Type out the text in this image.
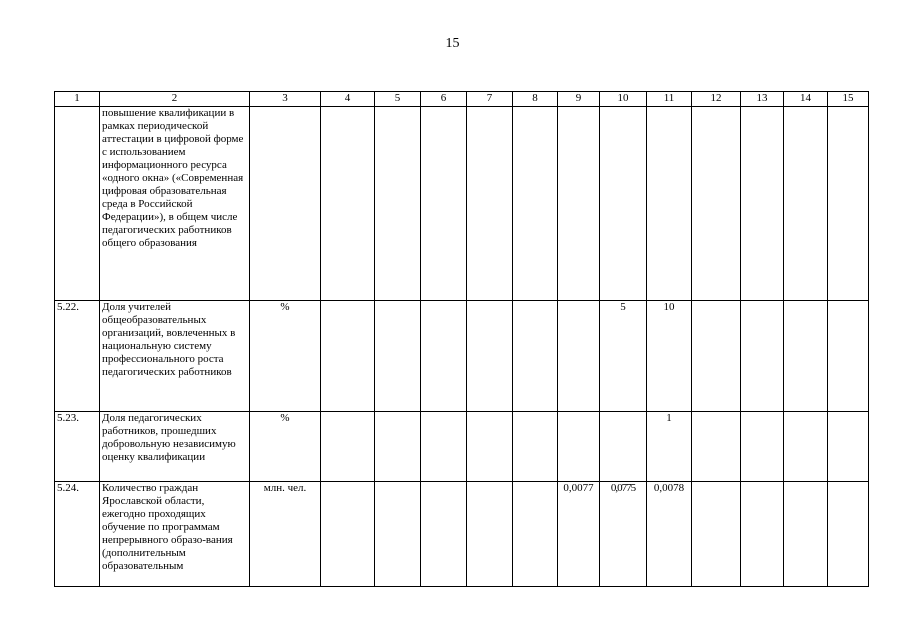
15
1	2	3	4	5	6	7	8	9	10	11	12	13	14	15
	повышение квалификации в рамках периодической аттестации в цифровой форме с использованием информационного ресурса «одного окна» («Современная цифровая образовательная среда в Российской Федерации»), в общем числе педагогических работников общего образования													
5.22.	Доля учителей общеобразовательных организаций, вовлеченных в национальную систему профессионального роста педагогических работников	%							5	10				
5.23.	Доля педагогических работников, прошедших добровольную независимую оценку квалификации	%								1				
5.24.	Количество граждан Ярославской области, ежегодно проходящих обучение по программам непрерывного образо-вания (дополнительным образовательным	млн. чел.						0,0077	0,0775	0,0078				
